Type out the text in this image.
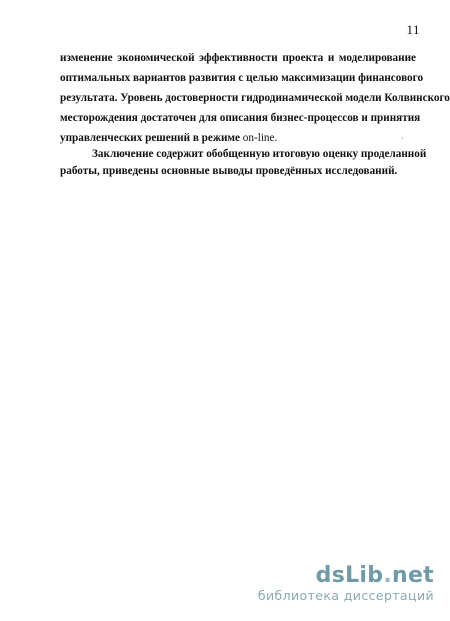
11
изменение экономической эффективности проекта и моделирование
оптимальных вариантов развития с целью максимизации финансового
результата. Уровень достоверности гидродинамической модели Колвинского
месторождения достаточен для описания бизнес-процессов и принятия
управленческих решений в режиме on-line.	·
Заключение содержит обобщенную итоговую оценку проделанной
работы, приведены основные выводы проведённых исследований.
dsLib.net
библиотека диссертаций
